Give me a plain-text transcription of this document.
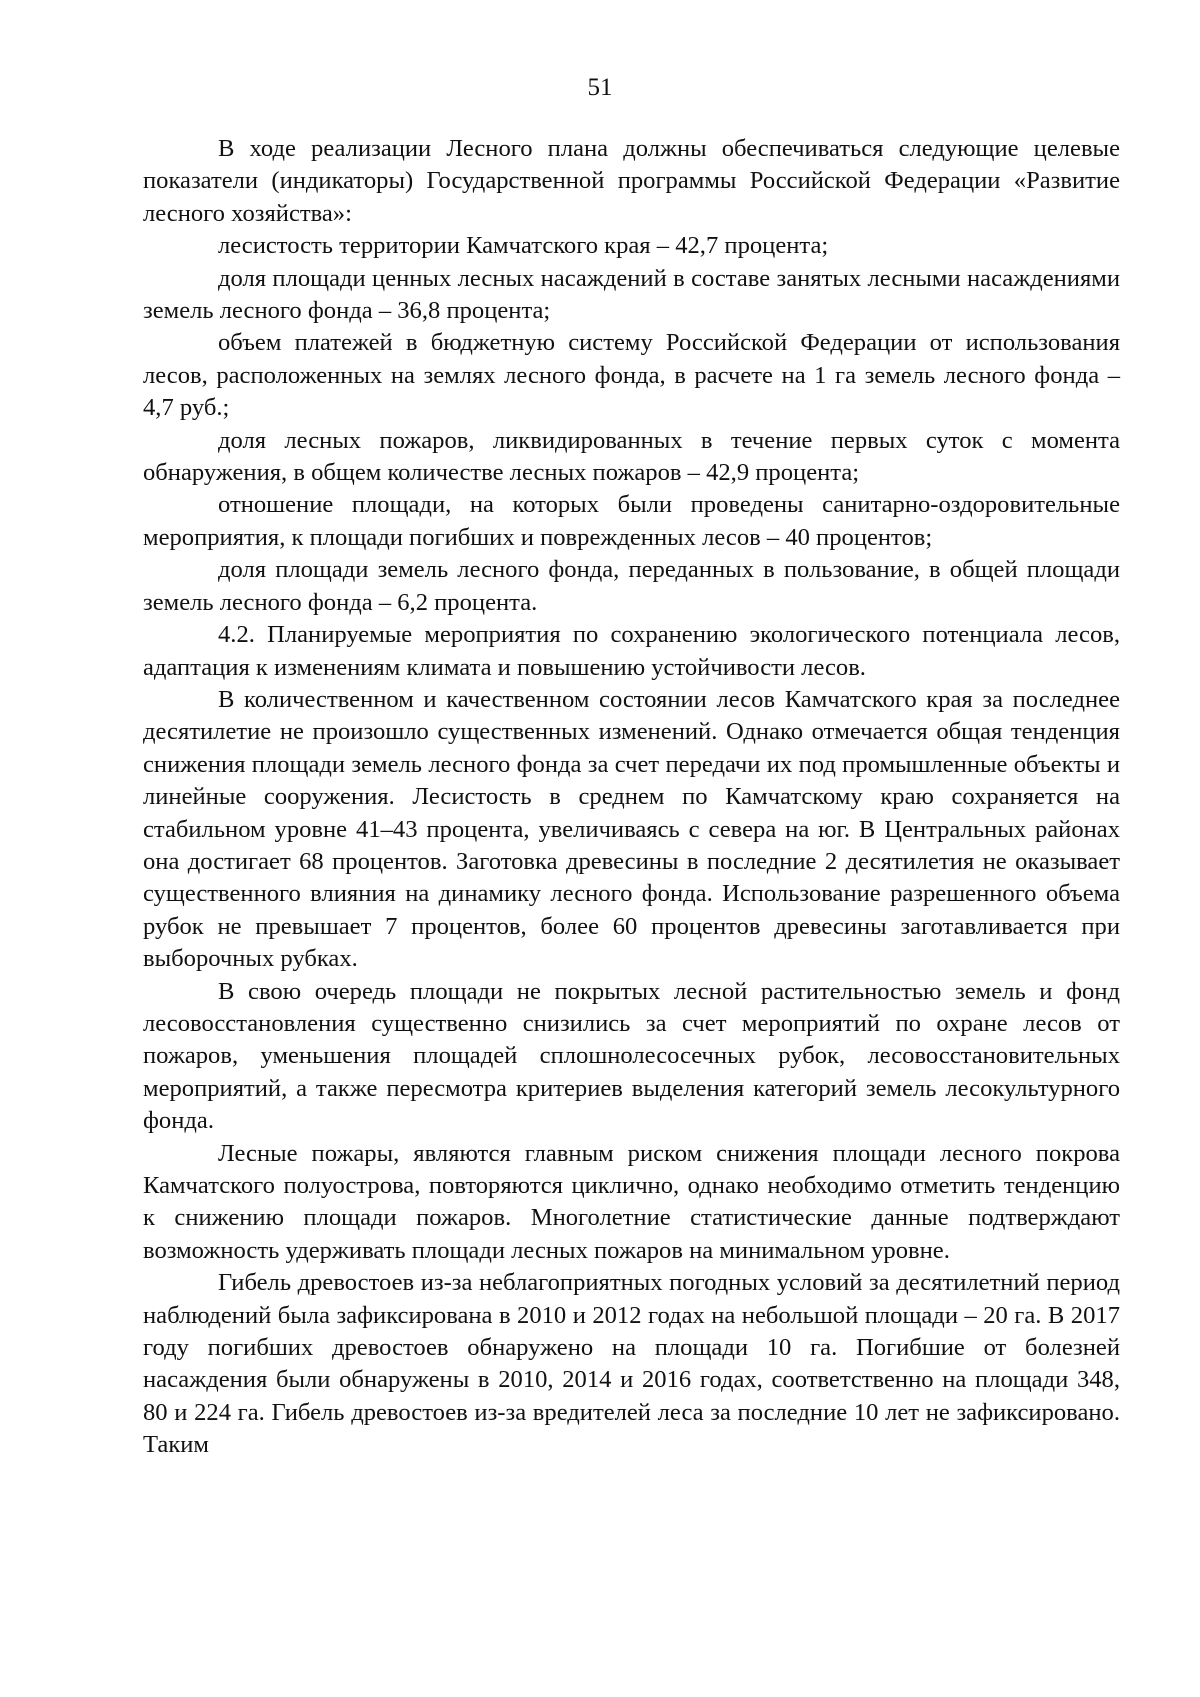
51

В ходе реализации Лесного плана должны обеспечиваться следующие целевые показатели (индикаторы) Государственной программы Российской Федерации «Развитие лесного хозяйства»:

лесистость территории Камчатского края – 42,7 процента;

доля площади ценных лесных насаждений в составе занятых лесными насаждениями земель лесного фонда – 36,8 процента;

объем платежей в бюджетную систему Российской Федерации от использования лесов, расположенных на землях лесного фонда, в расчете на 1 га земель лесного фонда – 4,7 руб.;

доля лесных пожаров, ликвидированных в течение первых суток с момента обнаружения, в общем количестве лесных пожаров – 42,9 процента;

отношение площади, на которых были проведены санитарно-оздоровительные мероприятия, к площади погибших и поврежденных лесов – 40 процентов;

доля площади земель лесного фонда, переданных в пользование, в общей площади земель лесного фонда – 6,2 процента.

4.2. Планируемые мероприятия по сохранению экологического потенциала лесов, адаптация к изменениям климата и повышению устойчивости лесов.

В количественном и качественном состоянии лесов Камчатского края за последнее десятилетие не произошло существенных изменений. Однако отмечается общая тенденция снижения площади земель лесного фонда за счет передачи их под промышленные объекты и линейные сооружения. Лесистость в среднем по Камчатскому краю сохраняется на стабильном уровне 41–43 процента, увеличиваясь с севера на юг. В Центральных районах она достигает 68 процентов. Заготовка древесины в последние 2 десятилетия не оказывает существенного влияния на динамику лесного фонда. Использование разрешенного объема рубок не превышает 7 процентов, более 60 процентов древесины заготавливается при выборочных рубках.

В свою очередь площади не покрытых лесной растительностью земель и фонд лесовосстановления существенно снизились за счет мероприятий по охране лесов от пожаров, уменьшения площадей сплошнолесосечных рубок, лесовосстановительных мероприятий, а также пересмотра критериев выделения категорий земель лесокультурного фонда.

Лесные пожары, являются главным риском снижения площади лесного покрова Камчатского полуострова, повторяются циклично, однако необходимо отметить тенденцию к снижению площади пожаров. Многолетние статистические данные подтверждают возможность удерживать площади лесных пожаров на минимальном уровне.

Гибель древостоев из-за неблагоприятных погодных условий за десятилетний период наблюдений была зафиксирована в 2010 и 2012 годах на небольшой площади – 20 га. В 2017 году погибших древостоев обнаружено на площади 10 га. Погибшие от болезней насаждения были обнаружены в 2010, 2014 и 2016 годах, соответственно на площади 348, 80 и 224 га. Гибель древостоев из-за вредителей леса за последние 10 лет не зафиксировано. Таким
